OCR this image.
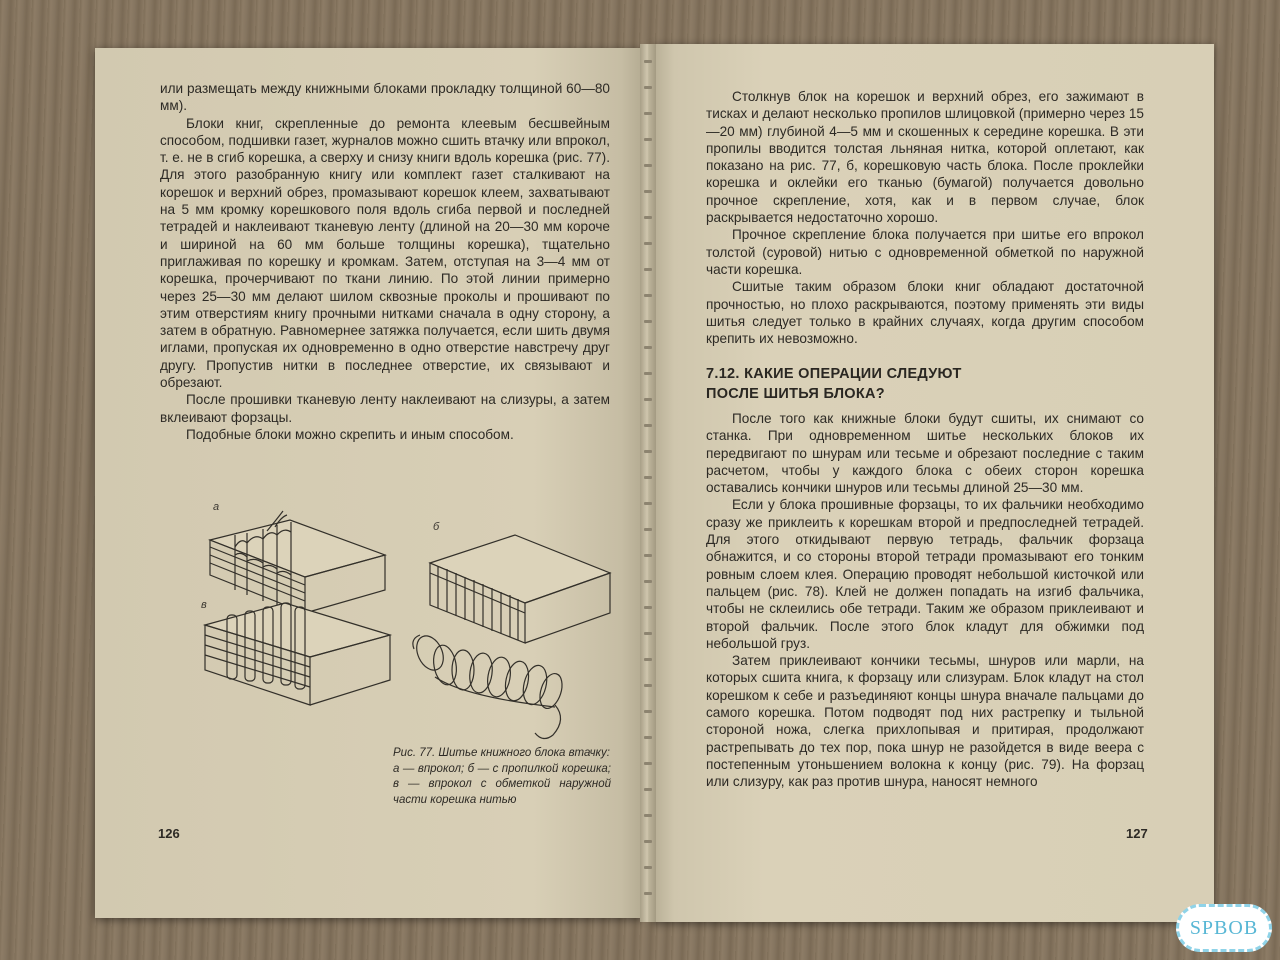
или размещать между книжными блоками прокладку толщиной 60—80 мм).

Блоки книг, скрепленные до ремонта клеевым бесшвейным способом, подшивки газет, журналов можно сшить втачку или впрокол, т. е. не в сгиб корешка, а сверху и снизу книги вдоль корешка (рис. 77). Для этого разобранную книгу или комплект газет сталкивают на корешок и верхний обрез, промазывают корешок клеем, захватывают на 5 мм кромку корешкового поля вдоль сгиба первой и последней тетрадей и наклеивают тканевую ленту (длиной на 20—30 мм короче и шириной на 60 мм больше толщины корешка), тщательно приглаживая по корешку и кромкам. Затем, отступая на 3—4 мм от корешка, прочерчивают по ткани линию. По этой линии примерно через 25—30 мм делают шилом сквозные проколы и прошивают по этим отверстиям книгу прочными нитками сначала в одну сторону, а затем в обратную. Равномернее затяжка получается, если шить двумя иглами, пропуская их одновременно в одно отверстие навстречу друг другу. Пропустив нитки в последнее отверстие, их связывают и обрезают.

После прошивки тканевую ленту наклеивают на слизуры, а затем вклеивают форзацы.

Подобные блоки можно скрепить и иным способом.

а
б
в

Рис. 77. Шитье книжного блока втачку:

а — впрокол; б — с пропилкой корешка; в — впрокол с обметкой наружной части корешка нитью

126

Столкнув блок на корешок и верхний обрез, его зажимают в тисках и делают несколько пропилов шлицовкой (примерно через 15—20 мм) глубиной 4—5 мм и скошенных к середине корешка. В эти пропилы вводится толстая льняная нитка, которой оплетают, как показано на рис. 77, б, корешковую часть блока. После проклейки корешка и оклейки его тканью (бумагой) получается довольно прочное скрепление, хотя, как и в первом случае, блок раскрывается недостаточно хорошо.

Прочное скрепление блока получается при шитье его впрокол толстой (суровой) нитью с одновременной обметкой по наружной части корешка.

Сшитые таким образом блоки книг обладают достаточной прочностью, но плохо раскрываются, поэтому применять эти виды шитья следует только в крайних случаях, когда другим способом крепить их невозможно.

7.12. КАКИЕ ОПЕРАЦИИ СЛЕДУЮТ
ПОСЛЕ ШИТЬЯ БЛОКА?

После того как книжные блоки будут сшиты, их снимают со станка. При одновременном шитье нескольких блоков их передвигают по шнурам или тесьме и обрезают последние с таким расчетом, чтобы у каждого блока с обеих сторон корешка оставались кончики шнуров или тесьмы длиной 25—30 мм.

Если у блока прошивные форзацы, то их фальчики необходимо сразу же приклеить к корешкам второй и предпоследней тетрадей. Для этого откидывают первую тетрадь, фальчик форзаца обнажится, и со стороны второй тетради промазывают его тонким ровным слоем клея. Операцию проводят небольшой кисточкой или пальцем (рис. 78). Клей не должен попадать на изгиб фальчика, чтобы не склеились обе тетради. Таким же образом приклеивают и второй фальчик. После этого блок кладут для обжимки под небольшой груз.

Затем приклеивают кончики тесьмы, шнуров или марли, на которых сшита книга, к форзацу или слизурам. Блок кладут на стол корешком к себе и разъединяют концы шнура вначале пальцами до самого корешка. Потом подводят под них растрепку и тыльной стороной ножа, слегка прихлопывая и притирая, продолжают растрепывать до тех пор, пока шнур не разойдется в виде веера с постепенным утоньшением волокна к концу (рис. 79). На форзац или слизуру, как раз против шнура, наносят немного

127
SPBOB
